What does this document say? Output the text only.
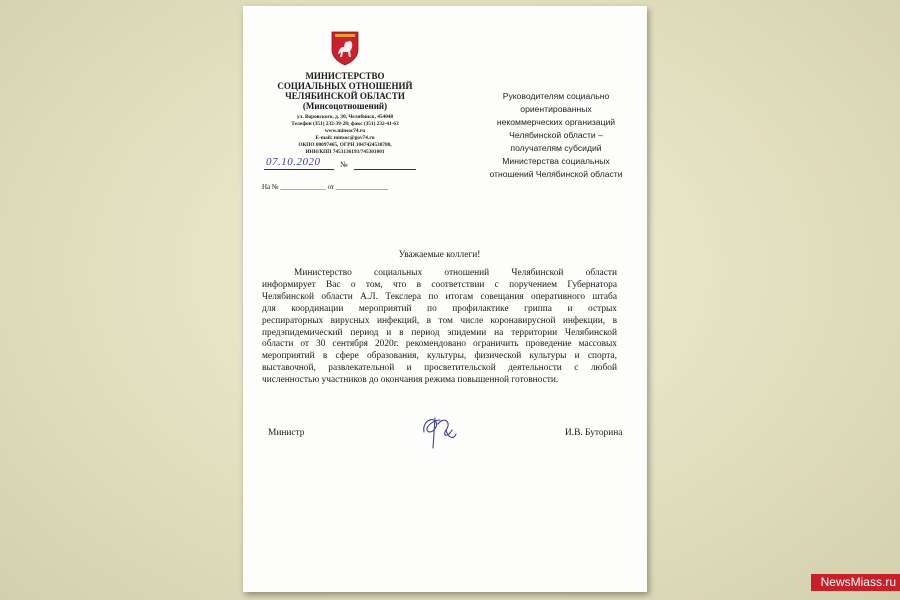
МИНИСТЕРСТВО
СОЦИАЛЬНЫХ ОТНОШЕНИЙ
ЧЕЛЯБИНСКОЙ ОБЛАСТИ
(Минсоцотношений)
ул. Воровского, д. 30, Челябинск, 454048
Телефон (351) 232-39-28; факс (351) 232-41-63
www.minsoc74.ru
E-mail: minsoc@gov74.ru
ОКПО 00097465, ОГРН 1047424530780,
ИНН/КПП 7453136193/745301001
07.10.2020 №
На № _____________ от _______________
Руководителям социально
ориентированных
некоммерческих организаций
Челябинской области –
получателям субсидий
Министерства социальных
отношений Челябинской области
Уважаемые коллеги!
Министерство социальных отношений Челябинской области
информирует Вас о том, что в соответствии с поручением Губернатора
Челябинской области А.Л. Текслера по итогам совещания оперативного штаба
для координации мероприятий по профилактике гриппа и острых
респираторных вирусных инфекций, в том числе коронавирусной инфекции, в
предэпидемический период и в период эпидемии на территории Челябинской
области от 30 сентября 2020г. рекомендовано ограничить проведение массовых
мероприятий в сфере образования, культуры, физической культуры и спорта,
выставочной, развлекательной и просветительской деятельности с любой
численностью участников до окончания режима повышенной готовности.
Министр	И.В. Буторина
NewsMiass.ru
